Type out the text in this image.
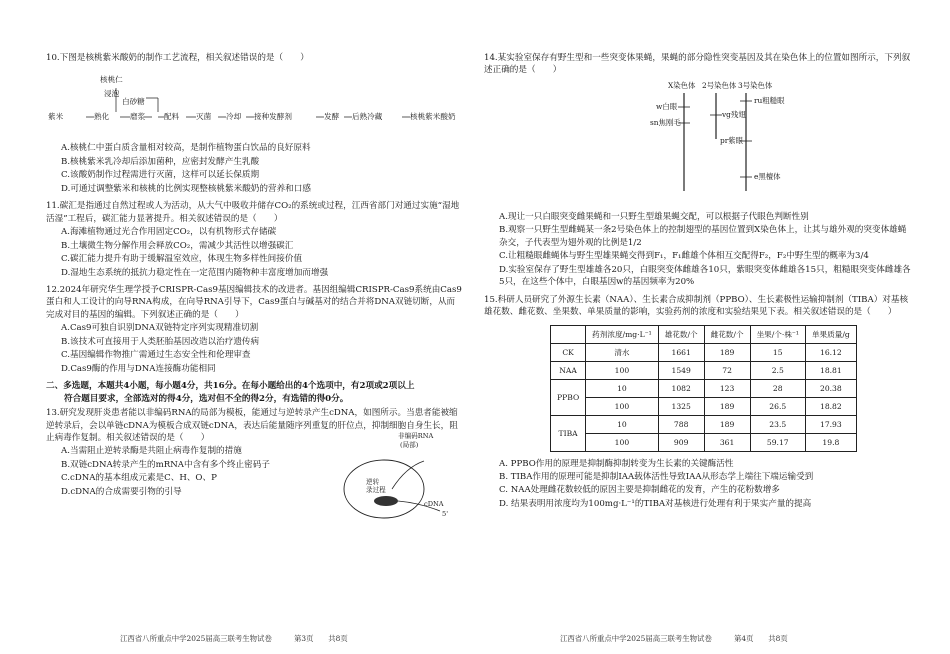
10.下图是核桃紫米酸奶的制作工艺流程，相关叙述错误的是（　　）
核桃仁
浸泡
白砂糖
紫米	熟化	磨浆 配料 灭菌 冷却 接种发酵剂	发酵 后熟冷藏	核桃紫米酸奶
A.核桃仁中蛋白质含量相对较高，是制作植物蛋白饮品的良好原料
B.核桃紫米乳冷却后添加菌种，应密封发酵产生乳酸
C.该酸奶制作过程需进行灭菌，这样可以延长保质期
D.可通过调整紫米和核桃的比例实现整核桃紫米酸奶的营养和口感
11.碳汇是指通过自然过程或人为活动，从大气中吸收并储存CO₂的系统或过程，江西省部门对通过实施“湿地活湿”工程后，碳汇能力显著提升。相关叙述错误的是（　　）
A.海滩植物通过光合作用固定CO₂，以有机物形式存储碳
B.土壤微生物分解作用会释放CO₂，需减少其活性以增强碳汇
C.碳汇能力提升有助于缓解温室效应，体现生物多样性间接价值
D.湿地生态系统的抵抗力稳定性在一定范围内随物种丰富度增加而增强
12.2024年研究华生理学授予CRISPR-Cas9基因编辑技术的改进者。基因组编辑CRISPR-Cas9系统由Cas9蛋白和人工设计的向导RNA构成，在向导RNA引导下，Cas9蛋白与碱基对的结合并将DNA双链切断，从而完成对目的基因的编辑。下列叙述正确的是（　　）
A.Cas9可独自识别DNA双链特定序列实现精准切割
B.该技术可直接用于人类胚胎基因改造以治疗遗传病
C.基因编辑作物推广需通过生态安全性和伦理审查
D.Cas9酶的作用与DNA连接酶功能相同
二、多选题，本题共4小题，每小题4分，共16分。在每小题给出的4个选项中，有2项或2项以上
符合题目要求，全部选对的得4分，选对但不全的得2分，有选错的得0分。
13.研究发现肝炎患者能以非编码RNA的局部为模板，能通过与逆转录产生cDNA，如图所示。当患者能被缩逆转录后，会以单链cDNA为模板合成双链cDNA，表达后能量随序列重复的肝位点，抑制细胞自身生长，阻止病毒作复制。相关叙述错误的是（　　）
A.当需阻止逆转录酶是共阻止病毒作复制的措施
B.双链cDNA转录产生的mRNA中含有多个终止密码子
C.cDNA的基本组成元素是C、H、O、P
D.cDNA的合成需要引物的引导
非编码RNA
(局部)
逆转
录过程
cDNA
5'
江西省八所重点中学2025届高三联考生物试卷　　　第3页　　共8页
14.某实验室保存有野生型和一些突变体果蝇，果蝇的部分隐性突变基因及其在染色体上的位置如图所示，下列叙述正确的是（　　）
X染色体 2号染色体 3号染色体
w白眼
sn焦刚毛
vg残翅
ru粗糙眼
pr紫眼
e黑檀体
A.现让一只白眼突变雌果蝇和一只野生型雄果蝇交配，可以根据子代眼色判断性别
B.观察一只野生型雌蝇某一条2号染色体上的控制翅型的基因位置到X染色体上，让其与雄外观的突变体雄蝇杂交，子代表型为翅外观的比例是1/2
C.让粗糙眼雌蝇体与野生型雄果蝇交得到F₁，F₁雌雄个体相互交配得F₂，F₂中野生型的概率为3/4
D.实验室保存了野生型雄雄各20只，白眼突变体雌雄各10只，紫眼突变体雌雄各15只，粗糙眼突变体雌雄各5只，在这些个体中，白眼基因w的基因频率为20%
15.科研人员研究了外源生长素（NAA）、生长素合成抑制剂（PPBO）、生长素极性运输抑制剂（TIBA）对基核雄花数、雌花数、坐果数、单果质量的影响，实验药剂的浓度和实验结果见下表。相关叙述错误的是（　　）
	药剂浓度/mg·L⁻¹	雄花数/个	雌花数/个	坐果/个·株⁻¹	单果质量/g
CK	清水	1661	189	15	16.12
NAA	100	1549	72	2.5	18.81
PPBO	10	1082	123	28	20.38
	100	1325	189	26.5	18.82
TIBA	10	788	189	23.5	17.93
	100	909	361	59.17	19.8
A. PPBO作用的原理是抑制酶抑制转变为生长素的关键酶活性
B. TIBA作用的原理可能是抑制IAA载体活性导致IAA从形态学上端往下端运输受到
C. NAA处理雌花数较低的原因主要是抑制雌花的发育，产生的花粉数增多
D. 结果表明用浓度均为100mg·L⁻¹的TIBA对基核进行处理有利于果实产量的提高
江西省八所重点中学2025届高三联考生物试卷　　　第4页　　共8页
